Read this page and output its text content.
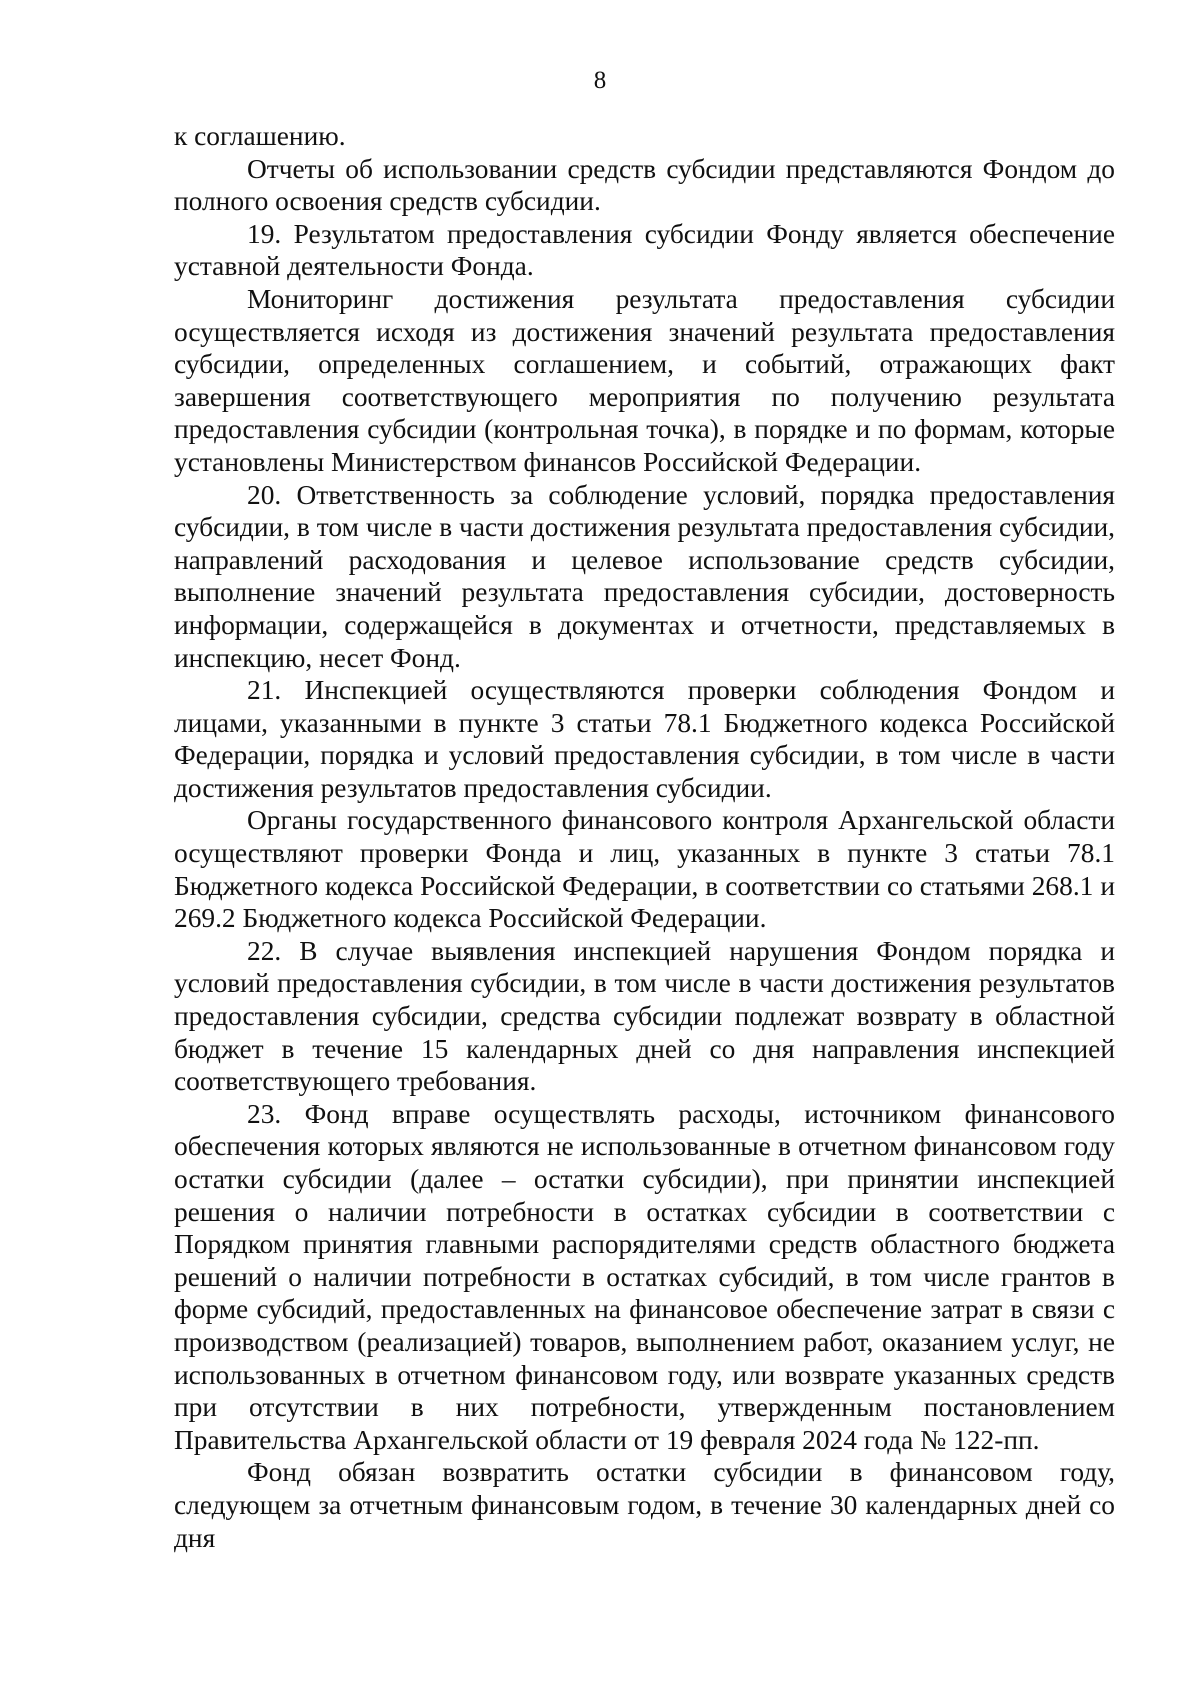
8

к соглашению.

Отчеты об использовании средств субсидии представляются Фондом до полного освоения средств субсидии.

19. Результатом предоставления субсидии Фонду является обеспечение уставной деятельности Фонда.

Мониторинг достижения результата предоставления субсидии осуществляется исходя из достижения значений результата предоставления субсидии, определенных соглашением, и событий, отражающих факт завершения соответствующего мероприятия по получению результата предоставления субсидии (контрольная точка), в порядке и по формам, которые установлены Министерством финансов Российской Федерации.

20. Ответственность за соблюдение условий, порядка предоставления субсидии, в том числе в части достижения результата предоставления субсидии, направлений расходования и целевое использование средств субсидии, выполнение значений результата предоставления субсидии, достоверность информации, содержащейся в документах и отчетности, представляемых в инспекцию, несет Фонд.

21. Инспекцией осуществляются проверки соблюдения Фондом и лицами, указанными в пункте 3 статьи 78.1 Бюджетного кодекса Российской Федерации, порядка и условий предоставления субсидии, в том числе в части достижения результатов предоставления субсидии.

Органы государственного финансового контроля Архангельской области осуществляют проверки Фонда и лиц, указанных в пункте 3 статьи 78.1 Бюджетного кодекса Российской Федерации, в соответствии со статьями 268.1 и 269.2 Бюджетного кодекса Российской Федерации.

22. В случае выявления инспекцией нарушения Фондом порядка и условий предоставления субсидии, в том числе в части достижения результатов предоставления субсидии, средства субсидии подлежат возврату в областной бюджет в течение 15 календарных дней со дня направления инспекцией соответствующего требования.

23. Фонд вправе осуществлять расходы, источником финансового обеспечения которых являются не использованные в отчетном финансовом году остатки субсидии (далее – остатки субсидии), при принятии инспекцией решения о наличии потребности в остатках субсидии в соответствии с Порядком принятия главными распорядителями средств областного бюджета решений о наличии потребности в остатках субсидий, в том числе грантов в форме субсидий, предоставленных на финансовое обеспечение затрат в связи с производством (реализацией) товаров, выполнением работ, оказанием услуг, не использованных в отчетном финансовом году, или возврате указанных средств при отсутствии в них потребности, утвержденным постановлением Правительства Архангельской области от 19 февраля 2024 года № 122-пп.

Фонд обязан возвратить остатки субсидии в финансовом году, следующем за отчетным финансовым годом, в течение 30 календарных дней со дня
